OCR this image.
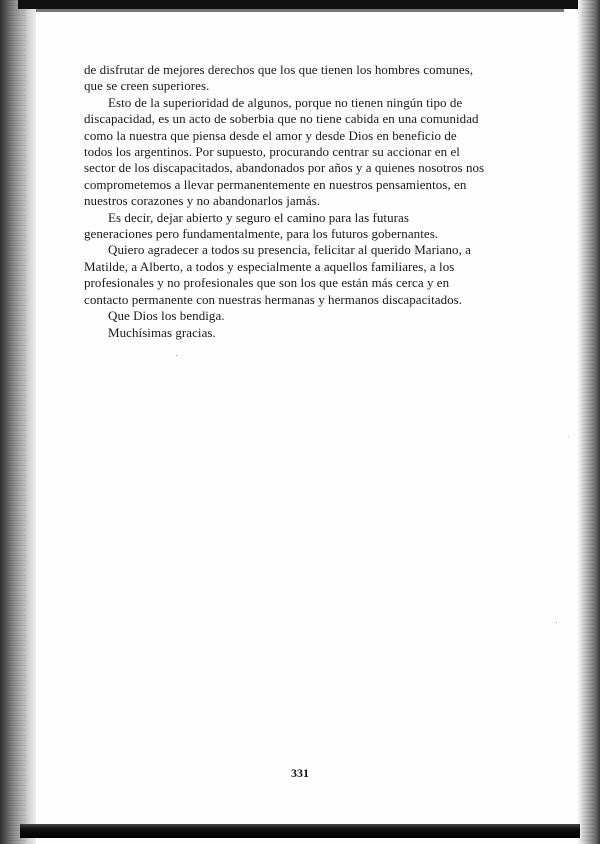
de disfrutar de mejores derechos que los que tienen los hombres comunes,
que se creen superiores.

Esto de la superioridad de algunos, porque no tienen ningún tipo de
discapacidad, es un acto de soberbia que no tiene cabida en una comunidad
como la nuestra que piensa desde el amor y desde Dios en beneficio de
todos los argentinos. Por supuesto, procurando centrar su accionar en el
sector de los discapacitados, abandonados por años y a quienes nosotros nos
comprometemos a llevar permanentemente en nuestros pensamientos, en
nuestros corazones y no abandonarlos jamás.

Es decir, dejar abierto y seguro el camino para las futuras
generaciones pero fundamentalmente, para los futuros gobernantes.

Quiero agradecer a todos su presencia, felicitar al querido Mariano, a
Matilde, a Alberto, a todos y especialmente a aquellos familiares, a los
profesionales y no profesionales que son los que están más cerca y en
contacto permanente con nuestras hermanas y hermanos discapacitados.

Que Dios los bendiga.

Muchísimas gracias.

331
